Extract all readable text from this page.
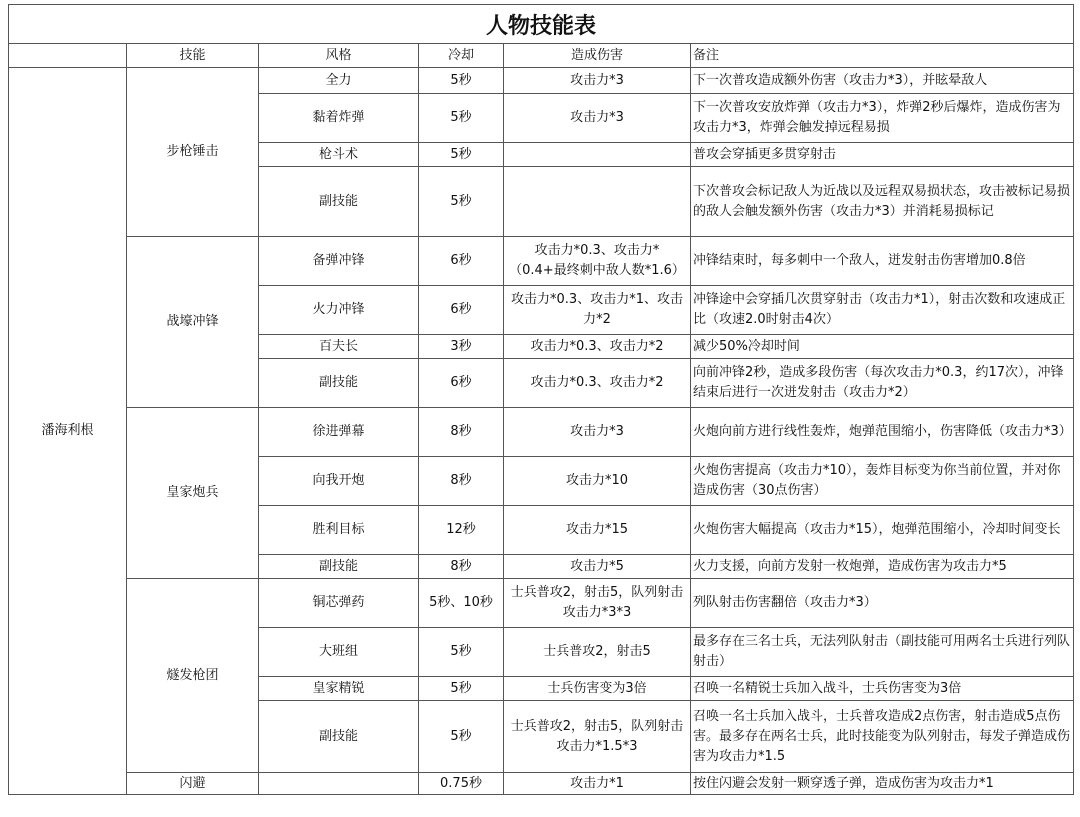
人物技能表
	技能	风格	冷却	造成伤害	备注
潘海利根	步枪锤击	全力	5秒	攻击力*3	下一次普攻造成额外伤害（攻击力*3），并眩晕敌人
		黏着炸弹	5秒	攻击力*3	下一次普攻安放炸弹（攻击力*3），炸弹2秒后爆炸，造成伤害为攻击力*3，炸弹会触发掉远程易损
		枪斗术	5秒		普攻会穿插更多贯穿射击
		副技能	5秒		下次普攻会标记敌人为近战以及远程双易损状态，攻击被标记易损的敌人会触发额外伤害（攻击力*3）并消耗易损标记
	战壕冲锋	备弹冲锋	6秒	攻击力*0.3、攻击力*（0.4+最终刺中敌人数*1.6）	冲锋结束时，每多刺中一个敌人，迸发射击伤害增加0.8倍
		火力冲锋	6秒	攻击力*0.3、攻击力*1、攻击力*2	冲锋途中会穿插几次贯穿射击（攻击力*1），射击次数和攻速成正比（攻速2.0时射击4次）
		百夫长	3秒	攻击力*0.3、攻击力*2	减少50%冷却时间
		副技能	6秒	攻击力*0.3、攻击力*2	向前冲锋2秒，造成多段伤害（每次攻击力*0.3，约17次），冲锋结束后进行一次迸发射击（攻击力*2）
	皇家炮兵	徐进弹幕	8秒	攻击力*3	火炮向前方进行线性轰炸，炮弹范围缩小，伤害降低（攻击力*3）
		向我开炮	8秒	攻击力*10	火炮伤害提高（攻击力*10），轰炸目标变为你当前位置，并对你造成伤害（30点伤害）
		胜利目标	12秒	攻击力*15	火炮伤害大幅提高（攻击力*15），炮弹范围缩小，冷却时间变长
		副技能	8秒	攻击力*5	火力支援，向前方发射一枚炮弹，造成伤害为攻击力*5
	燧发枪团	铜芯弹药	5秒、10秒	士兵普攻2，射击5，队列射击攻击力*3*3	列队射击伤害翻倍（攻击力*3）
		大班组	5秒	士兵普攻2，射击5	最多存在三名士兵，无法列队射击（副技能可用两名士兵进行列队射击）
		皇家精锐	5秒	士兵伤害变为3倍	召唤一名精锐士兵加入战斗，士兵伤害变为3倍
		副技能	5秒	士兵普攻2，射击5，队列射击攻击力*1.5*3	召唤一名士兵加入战斗，士兵普攻造成2点伤害，射击造成5点伤害。最多存在两名士兵，此时技能变为队列射击，每发子弹造成伤害为攻击力*1.5
	闪避		0.75秒	攻击力*1	按住闪避会发射一颗穿透子弹，造成伤害为攻击力*1
